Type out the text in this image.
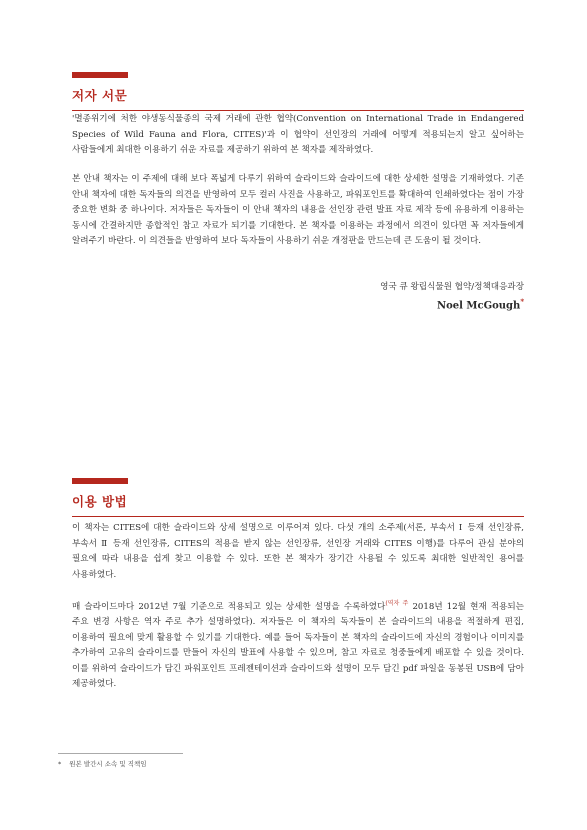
저자 서문

'멸종위기에 처한 야생동식물종의 국제 거래에 관한 협약(Convention on International Trade in Endangered Species of Wild Fauna and Flora, CITES)'과 이 협약이 선인장의 거래에 어떻게 적용되는지 알고 싶어하는 사람들에게 최대한 이용하기 쉬운 자료를 제공하기 위하여 본 책자를 제작하였다.

본 안내 책자는 이 주제에 대해 보다 폭넓게 다루기 위하여 슬라이드와 슬라이드에 대한 상세한 설명을 기재하였다. 기존 안내 책자에 대한 독자들의 의견을 반영하여 모두 컬러 사진을 사용하고, 파워포인트를 확대하여 인쇄하였다는 점이 가장 중요한 변화 중 하나이다. 저자들은 독자들이 이 안내 책자의 내용을 선인장 관련 발표 자료 제작 등에 유용하게 이용하는 동시에 간결하지만 종합적인 참고 자료가 되기를 기대한다. 본 책자를 이용하는 과정에서 의견이 있다면 꼭 저자들에게 알려주기 바란다. 이 의견들을 반영하여 보다 독자들이 사용하기 쉬운 개정판을 만드는데 큰 도움이 될 것이다.

영국 큐 왕립식물원 협약/정책대응과장
Noel McGough*
이용 방법

이 책자는 CITES에 대한 슬라이드와 상세 설명으로 이루어져 있다. 다섯 개의 소주제(서론, 부속서 Ⅰ 등재 선인장류, 부속서 Ⅱ 등재 선인장류, CITES의 적용을 받지 않는 선인장류, 선인장 거래와 CITES 이행)를 다루어 관심 분야의 필요에 따라 내용을 쉽게 찾고 이용할 수 있다. 또한 본 책자가 장기간 사용될 수 있도록 최대한 일반적인 용어를 사용하였다.

매 슬라이드마다 2012년 7월 기준으로 적용되고 있는 상세한 설명을 수록하였다$^{(역자 주}$ 2018년 12월 현재 적용되는 주요 변경 사항은 역자 주로 추가 설명하였다). 저자들은 이 책자의 독자들이 본 슬라이드의 내용을 적절하게 편집, 이용하여 필요에 맞게 활용할 수 있기를 기대한다. 예를 들어 독자들이 본 책자의 슬라이드에 자신의 경험이나 이미지를 추가하여 고유의 슬라이드를 만들어 자신의 발표에 사용할 수 있으며, 참고 자료로 청중들에게 배포할 수 있을 것이다. 이를 위하여 슬라이드가 담긴 파워포인트 프레젠테이션과 슬라이드와 설명이 모두 담긴 pdf 파일을 동봉된 USB에 담아 제공하였다.

* 원본 발간시 소속 및 직책임
